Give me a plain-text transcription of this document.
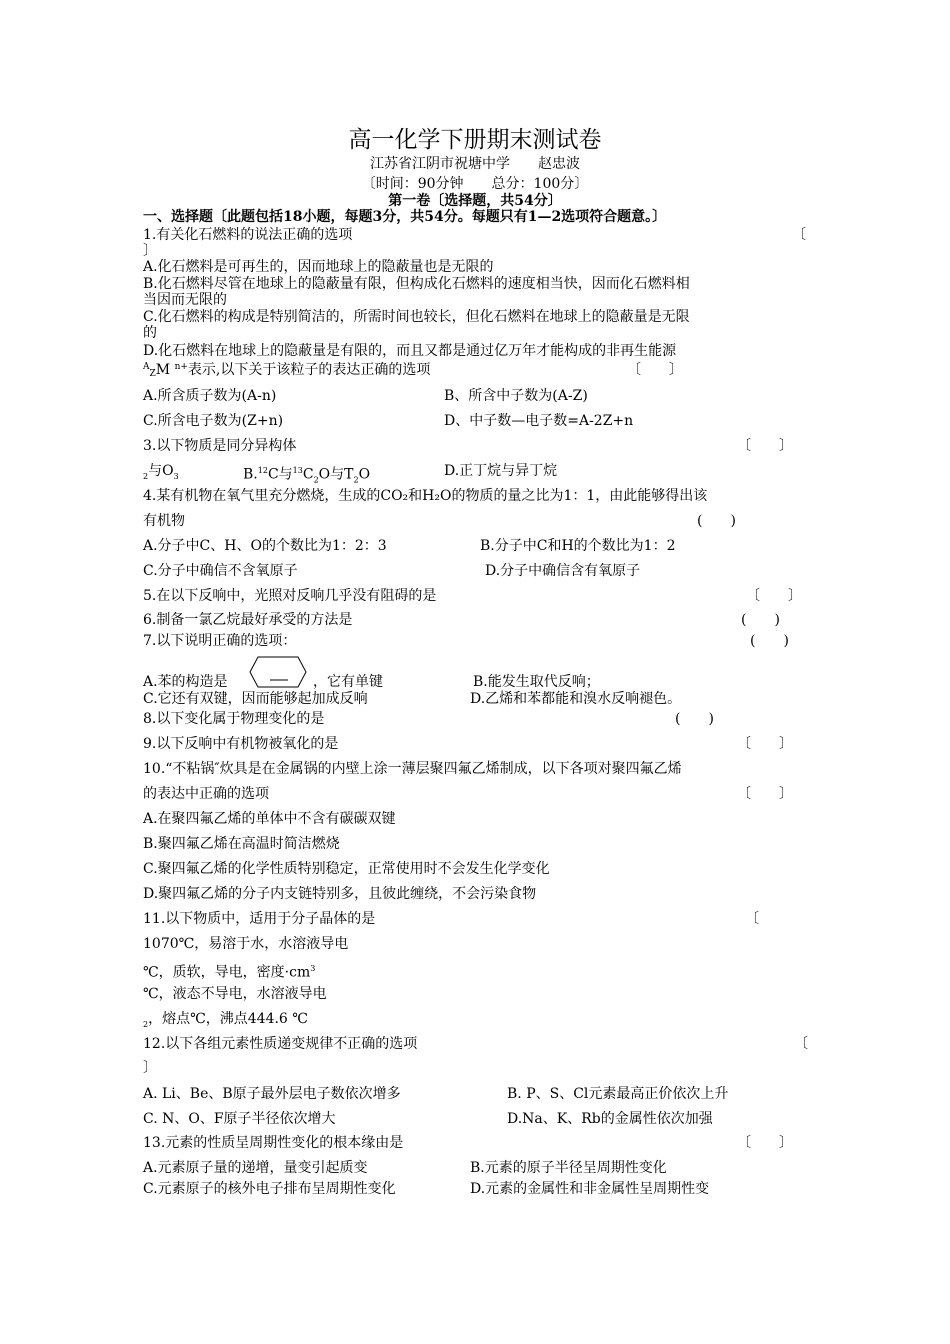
高一化学下册期末测试卷
江苏省江阴市祝塘中学　　赵忠波
〔时间：90分钟　　总分：100分〕
第一卷〔选择题，共54分〕
一、选择题〔此题包括18小题，每题3分，共54分。每题只有1—2选项符合题意。〕
1.有关化石燃料的说法正确的选项	〔
〕
A.化石燃料是可再生的，因而地球上的隐蔽量也是无限的
B.化石燃料尽管在地球上的隐蔽量有限，但构成化石燃料的速度相当快，因而化石燃料相
当因而无限的
C.化石燃料的构成是特别简洁的，所需时间也较长，但化石燃料在地球上的隐蔽量是无限
的
D.化石燃料在地球上的隐蔽量是有限的，而且又都是通过亿万年才能构成的非再生能源
$^A$ZM $^{n+}$表示,以下关于该粒子的表达正确的选项	〔　　〕
A.所含质子数为(A-n)	B、所含中子数为(A-Z)
C.所含电子数为(Z+n)	D、中子数—电子数=A-2Z+n
3.以下物质是同分异构体	〔　　〕
$_2$与$O_3$	B.$^{12}$C与$^{13}C_2O$与$T_2O$	D.正丁烷与异丁烷
4.某有机物在氧气里充分燃烧，生成的CO₂和H₂O的物质的量之比为1：1，由此能够得出该
有机物	(　　)
A.分子中C、H、O的个数比为1：2：3	B.分子中C和H的个数比为1：2
C.分子中确信不含氧原子	D.分子中确信含有氧原子
5.在以下反响中，光照对反响几乎没有阻碍的是	〔　　〕
6.制备一氯乙烷最好承受的方法是	(　　)
7.以下说明正确的选项：	(　　)
A.苯的构造是	，它有单键	B.能发生取代反响；
C.它还有双键，因而能够起加成反响	D.乙烯和苯都能和溴水反响褪色。
8.以下变化属于物理变化的是	(　　)
9.以下反响中有机物被氧化的是	〔　　〕
10.“不粘锅″炊具是在金属锅的内壁上涂一薄层聚四氟乙烯制成，以下各项对聚四氟乙烯
的表达中正确的选项	〔　　〕
A.在聚四氟乙烯的单体中不含有碳碳双键
B.聚四氟乙烯在高温时简洁燃烧
C.聚四氟乙烯的化学性质特别稳定，正常使用时不会发生化学变化
D.聚四氟乙烯的分子内支链特别多，且彼此缠绕，不会污染食物
11.以下物质中，适用于分子晶体的是	〔
1070℃，易溶于水，水溶液导电
℃，质软，导电，密度$\cdot cm^3$
℃，液态不导电，水溶液导电
$_2$，熔点℃，沸点444.6 ℃
12.以下各组元素性质递变规律不正确的选项	〔
〕
A. Li、Be、B原子最外层电子数依次增多	B. P、S、Cl元素最高正价依次上升
C. N、O、F原子半径依次增大	D.Na、K、Rb的金属性依次加强
13.元素的性质呈周期性变化的根本缘由是	〔　　〕
A.元素原子量的递增，量变引起质变	B.元素的原子半径呈周期性变化
C.元素原子的核外电子排布呈周期性变化	D.元素的金属性和非金属性呈周期性变
